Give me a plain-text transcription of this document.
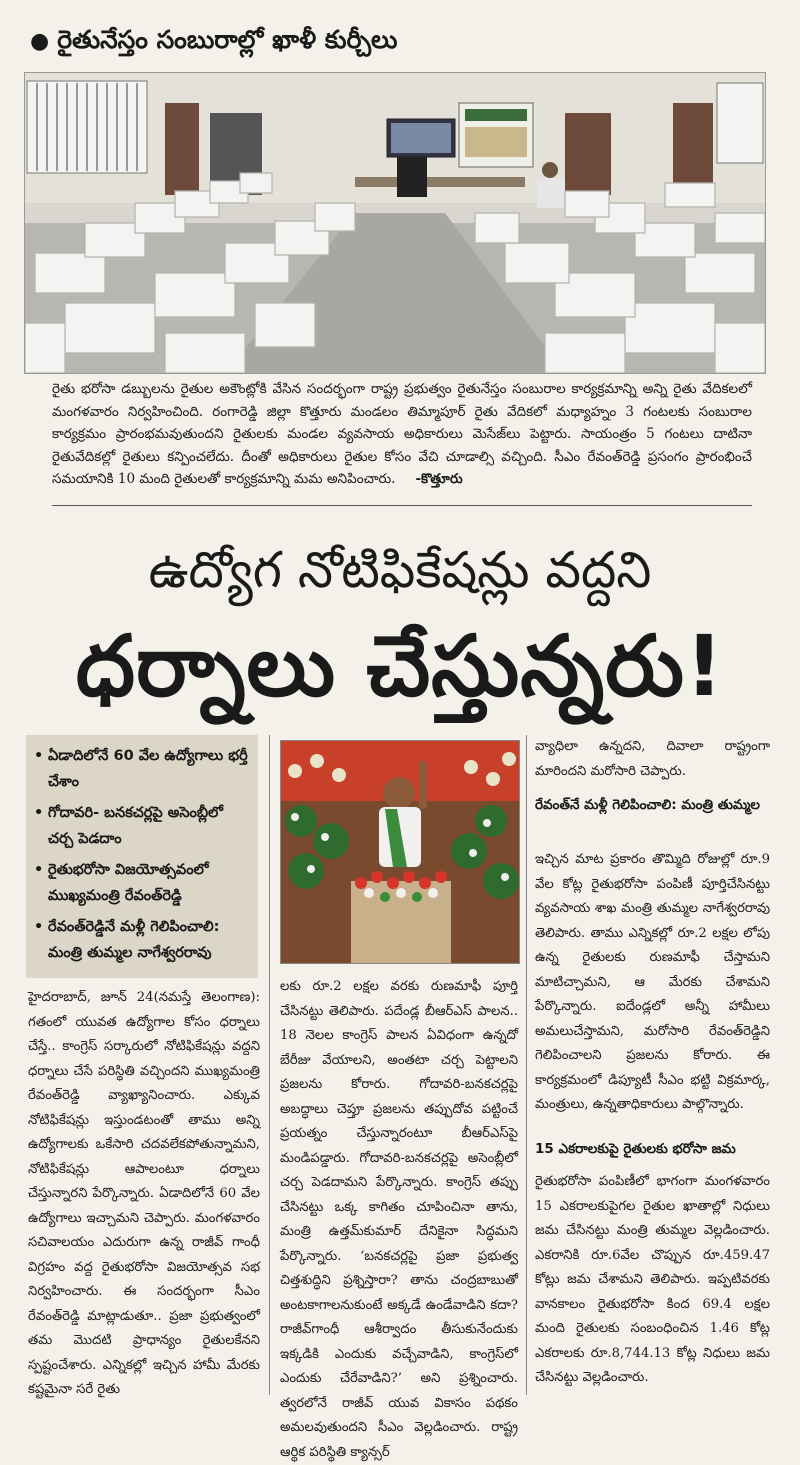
● రైతునేస్తం సంబురాల్లో ఖాళీ కుర్చీలు
రైతు భరోసా డబ్బులను రైతుల అకౌంట్లోకి వేసిన సందర్భంగా రాష్ట్ర ప్రభుత్వం రైతునేస్తం సంబురాల కార్యక్రమాన్ని అన్ని రైతు వేదికలలో మంగళవారం నిర్వహించింది. రంగారెడ్డి జిల్లా కొత్తూరు మండలం తిమ్మాపూర్ రైతు వేదికలో మధ్యాహ్నం 3 గంటలకు సంబురాల కార్యక్రమం ప్రారంభమవుతుందని రైతులకు మండల వ్యవసాయ అధికారులు మెసేజ్‌లు పెట్టారు. సాయంత్రం 5 గంటలు దాటినా రైతువేదికల్లో రైతులు కన్పించలేదు. దీంతో అధికారులు రైతుల కోసం వేచి చూడాల్సి వచ్చింది. సీఎం రేవంత్‌రెడ్డి ప్రసంగం ప్రారంభించే సమయానికి 10 మంది రైతులతో కార్యక్రమాన్ని మమ అనిపించారు. -కొత్తూరు
ఉద్యోగ నోటిఫికేషన్లు వద్దని
ధర్నాలు చేస్తున్నరు!
• ఏడాదిలోనే 60 వేల ఉద్యోగాలు భర్తీ చేశాం
• గోదావరి- బనకచర్లపై అసెంబ్లీలో చర్చ పెడదాం
• రైతుభరోసా విజయోత్సవంలో ముఖ్యమంత్రి రేవంత్‌రెడ్డి
• రేవంత్‌రెడ్డినే మళ్లీ గెలిపించాలి: మంత్రి తుమ్మల నాగేశ్వరరావు
హైదరాబాద్, జూన్ 24(నమస్తే తెలంగాణ): గతంలో యువత ఉద్యోగాల కోసం ధర్నాలు చేస్తే.. కాంగ్రెస్ సర్కారులో నోటిఫికేషన్లు వద్దని ధర్నాలు చేసే పరిస్థితి వచ్చిందని ముఖ్యమంత్రి రేవంత్‌రెడ్డి వ్యాఖ్యానించారు. ఎక్కువ నోటిఫికేషన్లు ఇస్తుండటంతో తాము అన్ని ఉద్యోగాలకు ఒకేసారి చదవలేకపోతున్నామని, నోటిఫికేషన్లు ఆపాలంటూ ధర్నాలు చేస్తున్నారని పేర్కొన్నారు. ఏడాదిలోనే 60 వేల ఉద్యోగాలు ఇచ్చామని చెప్పారు. మంగళవారం సచివాలయం ఎదురుగా ఉన్న రాజీవ్ గాంధీ విగ్రహం వద్ద రైతుభరోసా విజయోత్సవ సభ నిర్వహించారు. ఈ సందర్భంగా సీఎం రేవంత్‌రెడ్డి మాట్లాడుతూ.. ప్రజా ప్రభుత్వంలో తమ మొదటి ప్రాధాన్యం రైతులకేనని స్పష్టంచేశారు. ఎన్నికల్లో ఇచ్చిన హామీ మేరకు కష్టమైనా సరే రైతు
లకు రూ.2 లక్షల వరకు రుణమాఫీ పూర్తి చేసినట్టు తెలిపారు. పదేండ్ల బీఆర్‌ఎస్ పాలన.. 18 నెలల కాంగ్రెస్ పాలన ఏవిధంగా ఉన్నదో బేరీజు వేయాలని, అంతటా చర్చ పెట్టాలని ప్రజలను కోరారు. గోదావరి-బనకచర్లపై అబద్ధాలు చెప్తూ ప్రజలను తప్పుదోవ పట్టించే ప్రయత్నం చేస్తున్నారంటూ బీఆర్‌ఎస్‌పై మండిపడ్డారు. గోదావరి-బనకచర్లపై అసెంబ్లీలో చర్చ పెడదామని పేర్కొన్నారు. కాంగ్రెస్ తప్పు చేసినట్టు ఒక్క కాగితం చూపించినా తాను, మంత్రి ఉత్తమ్‌కుమార్ దేనికైనా సిద్ధమని పేర్కొన్నారు. ‘బనకచర్లపై ప్రజా ప్రభుత్వ చిత్తశుద్ధిని ప్రశ్నిస్తారా? తాను చంద్రబాబుతో అంటకాగాలనుకుంటే అక్కడే ఉండేవాడిని కదా? రాజీవ్‌గాంధీ ఆశీర్వాదం తీసుకునేందుకు ఇక్కడికి ఎందుకు వచ్చేవాడిని, కాంగ్రెస్‌లో ఎందుకు చేరేవాడిని?’ అని ప్రశ్నించారు. త్వరలోనే రాజీవ్ యువ వికాసం పథకం అమలవుతుందని సీఎం వెల్లడించారు. రాష్ట్ర ఆర్థిక పరిస్థితి క్యాన్సర్
వ్యాధిలా ఉన్నదని, దివాలా రాష్ట్రంగా మారిందని మరోసారి చెప్పారు.
రేవంత్‌నే మళ్లీ గెలిపించాలి: మంత్రి తుమ్మల
ఇచ్చిన మాట ప్రకారం తొమ్మిది రోజుల్లో రూ.9 వేల కోట్ల రైతుభరోసా పంపిణీ పూర్తిచేసినట్టు వ్యవసాయ శాఖ మంత్రి తుమ్మల నాగేశ్వరరావు తెలిపారు. తాము ఎన్నికల్లో రూ.2 లక్షల లోపు ఉన్న రైతులకు రుణమాఫీ చేస్తామని మాటిచ్చామని, ఆ మేరకు చేశామని పేర్కొన్నారు. ఐదేండ్లలో అన్నీ హామీలు అమలుచేస్తామని, మరోసారి రేవంత్‌రెడ్డిని గెలిపించాలని ప్రజలను కోరారు. ఈ కార్యక్రమంలో డిప్యూటీ సీఎం భట్టి విక్రమార్క, మంత్రులు, ఉన్నతాధికారులు పాల్గొన్నారు.
15 ఎకరాలకుపై రైతులకు భరోసా జమ
రైతుభరోసా పంపిణీలో భాగంగా మంగళవారం 15 ఎకరాలకుపైగల రైతుల ఖాతాల్లో నిధులు జమ చేసినట్టు మంత్రి తుమ్మల వెల్లడించారు. ఎకరానికి రూ.6వేల చొప్పున రూ.459.47 కోట్లు జమ చేశామని తెలిపారు. ఇప్పటివరకు వానకాలం రైతుభరోసా కింద 69.4 లక్షల మంది రైతులకు సంబంధించిన 1.46 కోట్ల ఎకరాలకు రూ.8,744.13 కోట్ల నిధులు జమ చేసినట్టు వెల్లడించారు.
